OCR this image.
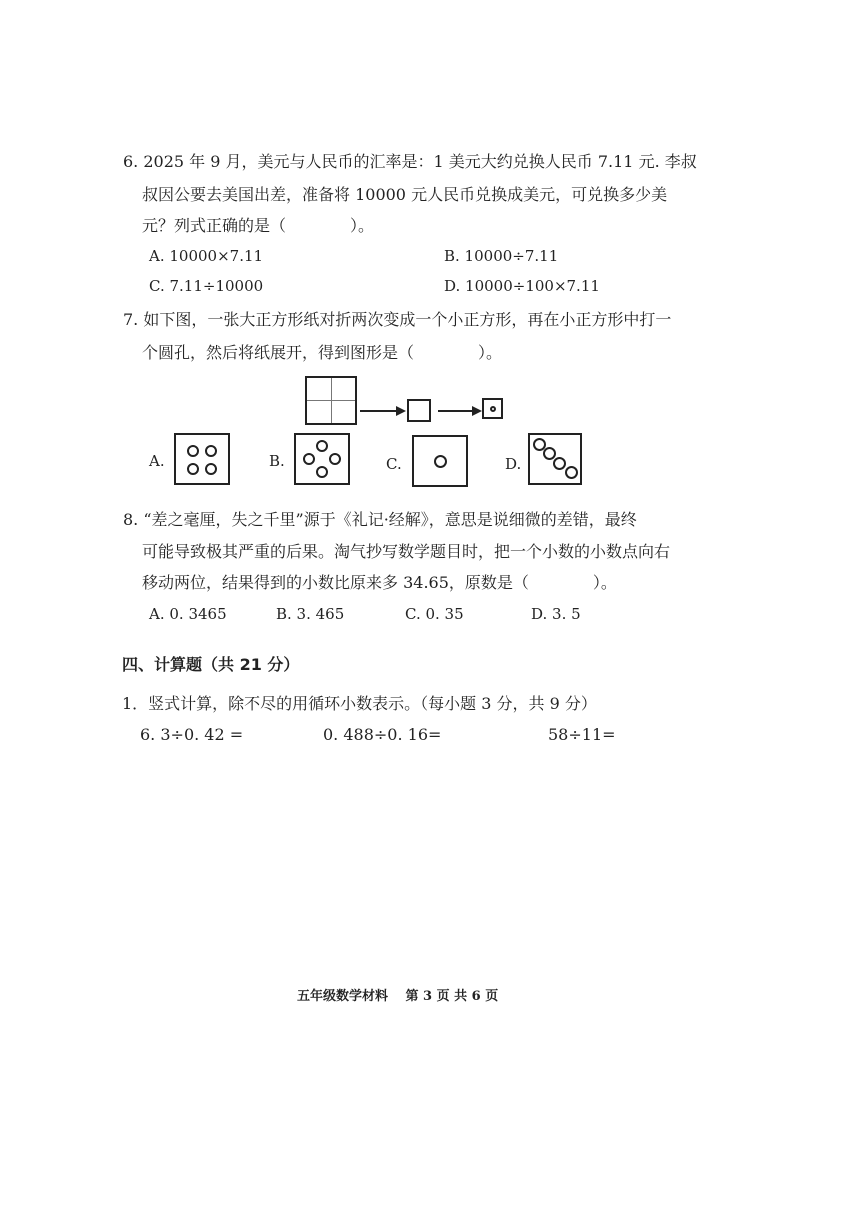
6. 2025 年 9 月，美元与人民币的汇率是：1 美元大约兑换人民币 7.11 元. 李叔
叔因公要去美国出差，准备将 10000 元人民币兑换成美元，可兑换多少美
元？列式正确的是（　　　　）。
A. 10000×7.11	B. 10000÷7.11
C. 7.11÷10000	D. 10000÷100×7.11
7. 如下图，一张大正方形纸对折两次变成一个小正方形，再在小正方形中打一
个圆孔，然后将纸展开，得到图形是（　　　　）。
A.	B.	C.	D.
8. “差之毫厘，失之千里”源于《礼记·经解》，意思是说细微的差错，最终
可能导致极其严重的后果。淘气抄写数学题目时，把一个小数的小数点向右
移动两位，结果得到的小数比原来多 34.65，原数是（　　　　）。
A. 0. 3465	B. 3. 465	C. 0. 35	D. 3. 5
四、计算题（共 21 分）
1．竖式计算，除不尽的用循环小数表示。（每小题 3 分，共 9 分）
6. 3÷0. 42 =	0. 488÷0. 16=	58÷11=
五年级数学材料　 第 3 页 共 6 页
